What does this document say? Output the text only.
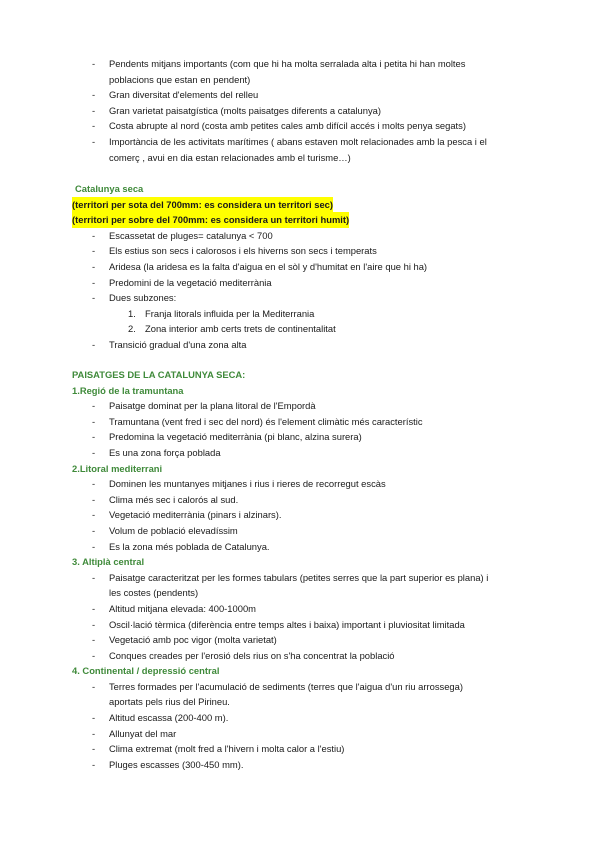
- Pendents mitjans importants (com que hi ha molta serralada alta i petita hi han moltes
poblacions que estan en pendent)
- Gran diversitat d'elements del relleu
- Gran varietat paisatgística (molts paisatges diferents a catalunya)
- Costa abrupte al nord (costa amb petites cales amb difícil accés i molts penya segats)
- Importància de les activitats marítimes ( abans estaven molt relacionades amb la pesca i el
comerç , avui en dia estan relacionades amb el turisme…)
Catalunya seca
(territori per sota del 700mm: es considera un territori sec)
(territori per sobre del 700mm: es considera un territori humit)
- Escassetat de pluges= catalunya < 700
- Els estius son secs i calorosos i els hiverns son secs i temperats
- Aridesa (la aridesa es la falta d'aigua en el sòl y d'humitat en l'aire que hi ha)
- Predomini de la vegetació mediterrània
- Dues subzones:
1. Franja litorals influida per la Mediterrania
2. Zona interior amb certs trets de continentalitat
- Transició gradual d'una zona alta
PAISATGES DE LA CATALUNYA SECA:
1.Regió de la tramuntana
- Paisatge dominat per la plana litoral de l'Empordà
- Tramuntana (vent fred i sec del nord) és l'element climàtic més característic
- Predomina la vegetació mediterrània (pi blanc, alzina surera)
- Es una zona força poblada
2.Litoral mediterrani
- Dominen les muntanyes mitjanes i rius i rieres de recorregut escàs
- Clima més sec i calorós al sud.
- Vegetació mediterrània (pinars i alzinars).
- Volum de població elevadíssim
- Es la zona més poblada de Catalunya.
3. Altiplà central
- Paisatge caracteritzat per les formes tabulars (petites serres que la part superior es plana) i
les costes (pendents)
- Altitud mitjana elevada: 400-1000m
- Oscil·lació tèrmica (diferència entre temps altes i baixa) important i pluviositat limitada
- Vegetació amb poc vigor (molta varietat)
- Conques creades per l'erosió dels rius on s'ha concentrat la població
4. Continental / depressió central
- Terres formades per l'acumulació de sediments (terres que l'aigua d'un riu arrossega)
aportats pels rius del Pirineu.
- Altitud escassa (200-400 m).
- Allunyat del mar
- Clima extremat (molt fred a l'hivern i molta calor a l'estiu)
- Pluges escasses (300-450 mm).
